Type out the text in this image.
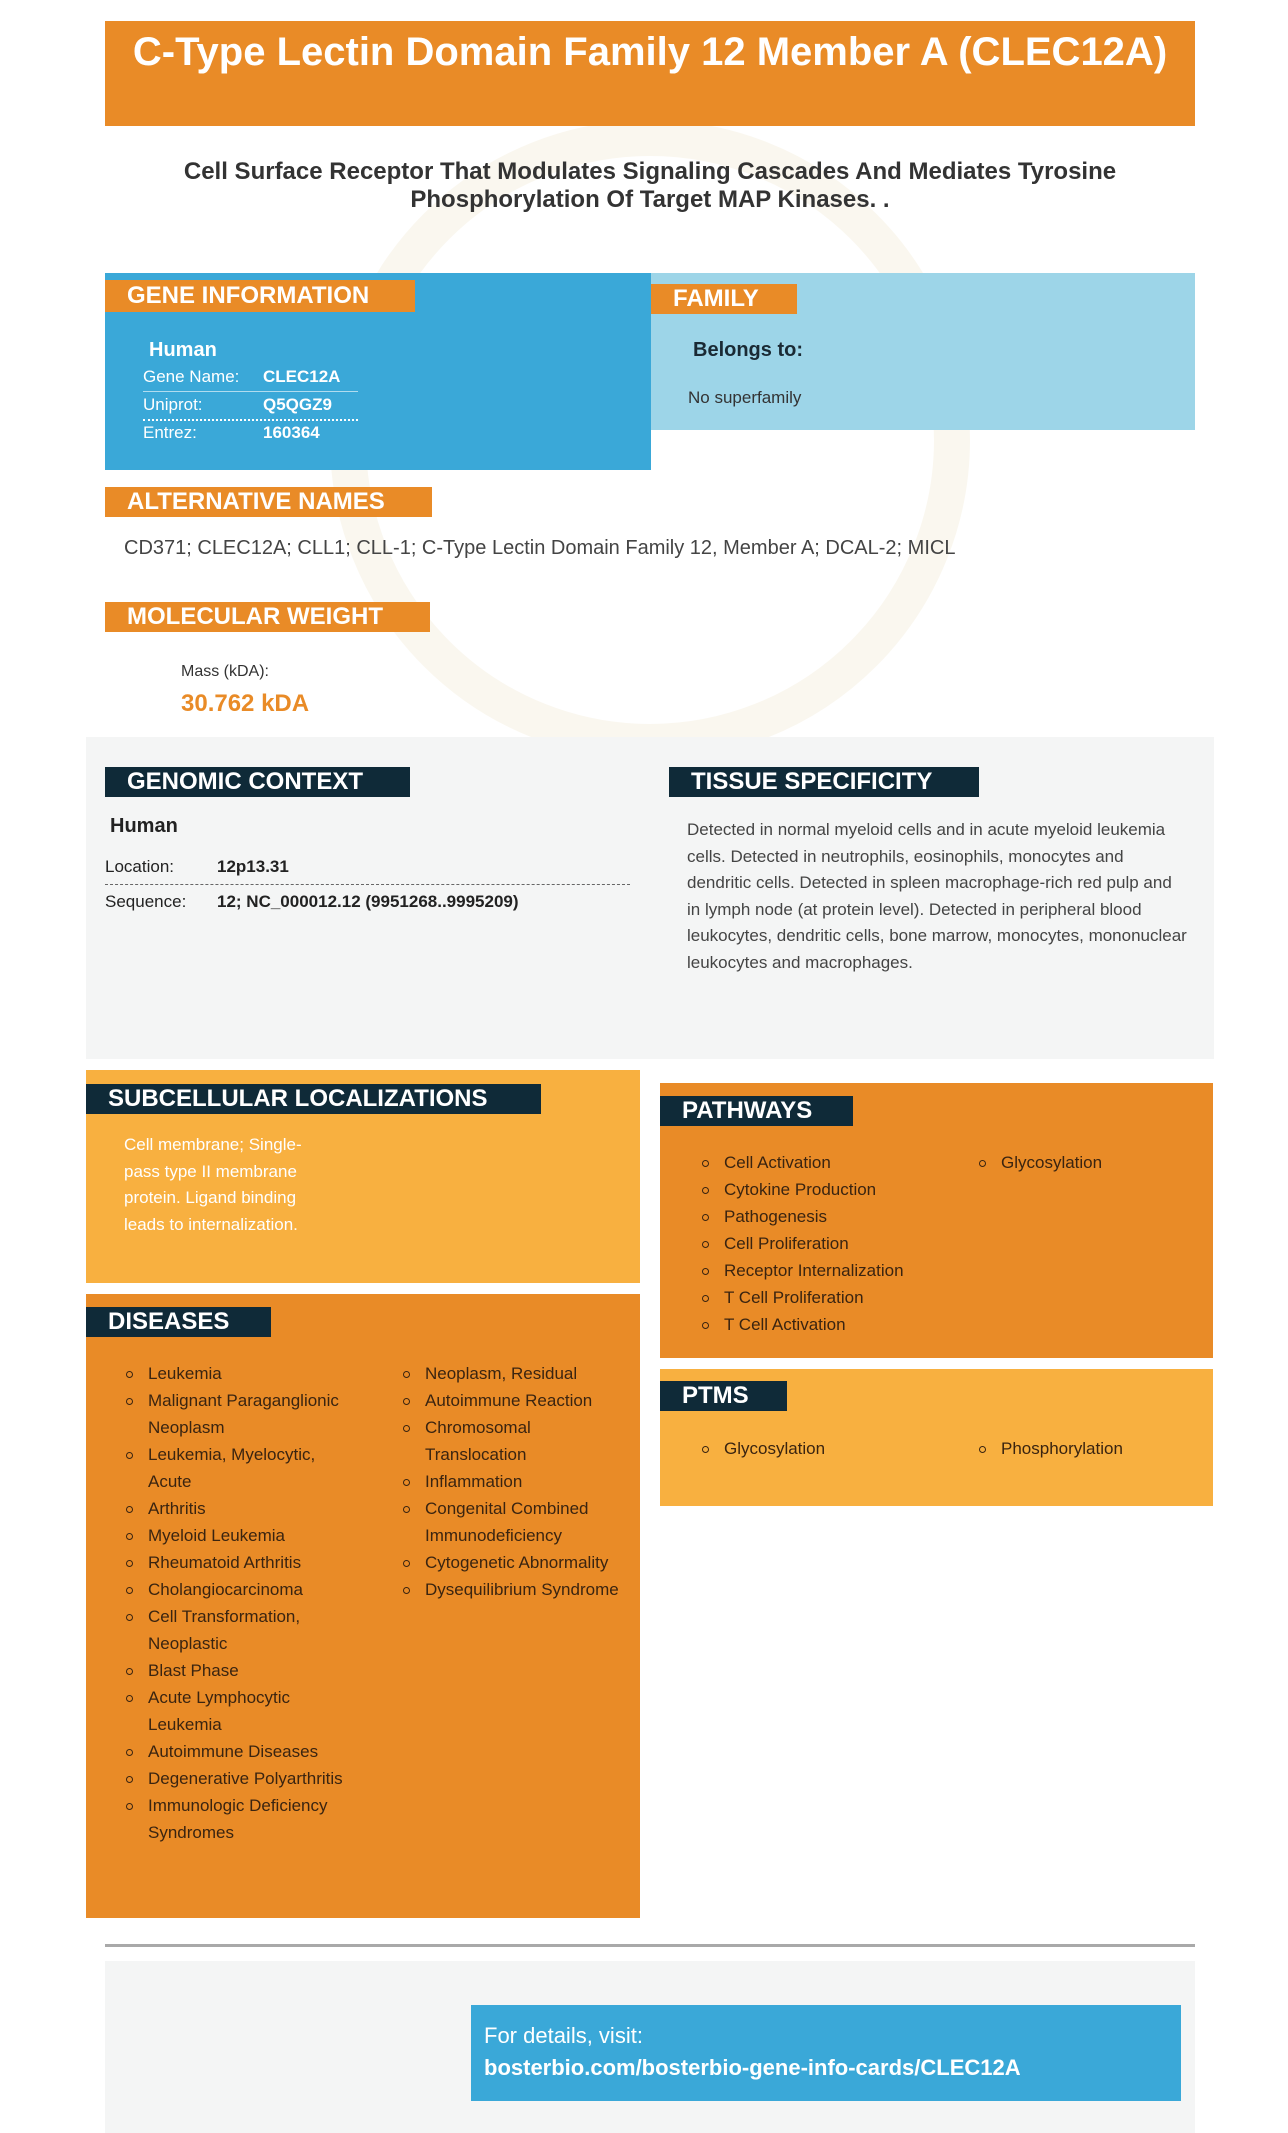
C-Type Lectin Domain Family 12 Member A (CLEC12A)
Cell Surface Receptor That Modulates Signaling Cascades And Mediates Tyrosine Phosphorylation Of Target MAP Kinases. .
GENE INFORMATION
Human
Gene Name: CLEC12A
Uniprot:	Q5QGZ9
Entrez:	160364
FAMILY
Belongs to:
No superfamily
ALTERNATIVE NAMES
CD371; CLEC12A; CLL1; CLL-1; C-Type Lectin Domain Family 12, Member A; DCAL-2; MICL
MOLECULAR WEIGHT
Mass (kDA):
30.762 kDA
GENOMIC CONTEXT
Human
Location:	12p13.31
Sequence: 12; NC_000012.12 (9951268..9995209)
TISSUE SPECIFICITY
Detected in normal myeloid cells and in acute myeloid leukemia cells. Detected in neutrophils, eosinophils, monocytes and dendritic cells. Detected in spleen macrophage-rich red pulp and in lymph node (at protein level). Detected in peripheral blood leukocytes, dendritic cells, bone marrow, monocytes, mononuclear leukocytes and macrophages.
SUBCELLULAR LOCALIZATIONS
Cell membrane; Single-pass type II membrane protein. Ligand binding leads to internalization.
DISEASES
Leukemia
Malignant Paraganglionic Neoplasm
Leukemia, Myelocytic, Acute
Arthritis
Myeloid Leukemia
Rheumatoid Arthritis
Cholangiocarcinoma
Cell Transformation, Neoplastic
Blast Phase
Acute Lymphocytic Leukemia
Autoimmune Diseases
Degenerative Polyarthritis
Immunologic Deficiency Syndromes
Neoplasm, Residual
Autoimmune Reaction
Chromosomal Translocation
Inflammation
Congenital Combined Immunodeficiency
Cytogenetic Abnormality
Dysequilibrium Syndrome
PATHWAYS
Cell Activation
Cytokine Production
Pathogenesis
Cell Proliferation
Receptor Internalization
T Cell Proliferation
T Cell Activation
Glycosylation
PTMS
Glycosylation	Phosphorylation
For details, visit:
bosterbio.com/bosterbio-gene-info-cards/CLEC12A
